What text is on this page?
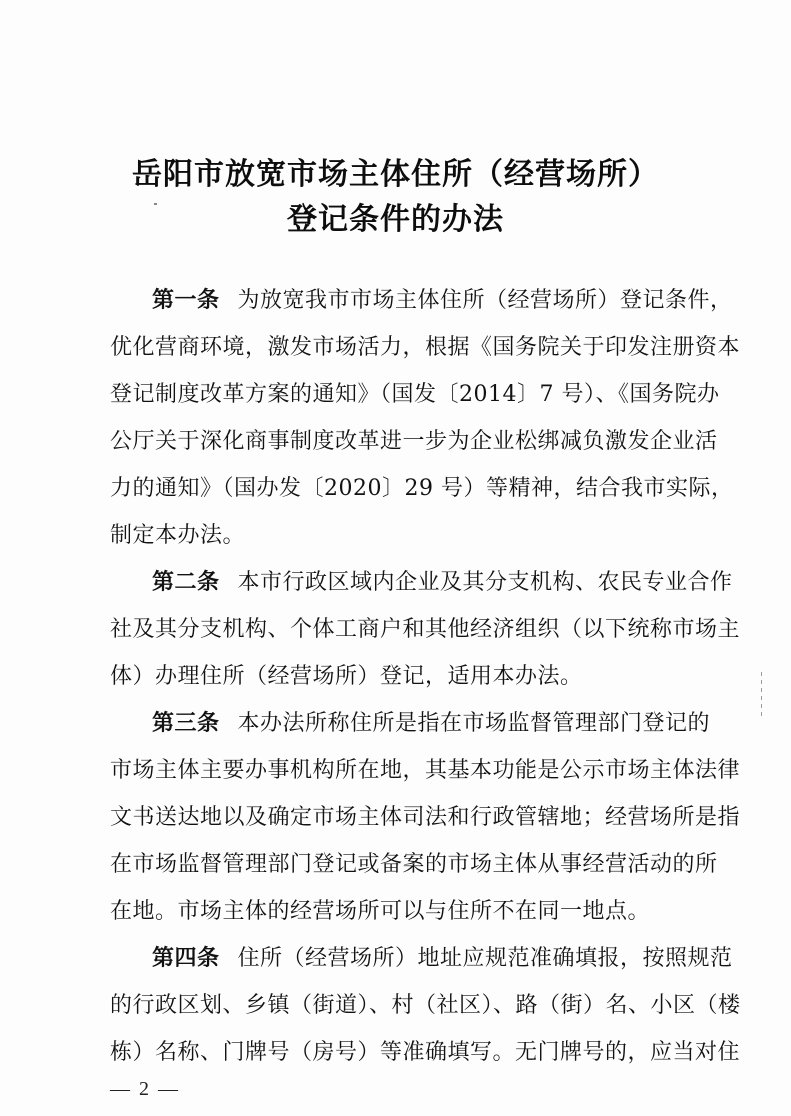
岳阳市放宽市场主体住所（经营场所）
登记条件的办法
第一条 为放宽我市市场主体住所（经营场所）登记条件，
优化营商环境，激发市场活力，根据《国务院关于印发注册资本
登记制度改革方案的通知》（国发〔2014〕7 号）、《国务院办
公厅关于深化商事制度改革进一步为企业松绑减负激发企业活
力的通知》（国办发〔2020〕29 号）等精神，结合我市实际，
制定本办法。
第二条 本市行政区域内企业及其分支机构、农民专业合作
社及其分支机构、个体工商户和其他经济组织（以下统称市场主
体）办理住所（经营场所）登记，适用本办法。
第三条 本办法所称住所是指在市场监督管理部门登记的
市场主体主要办事机构所在地，其基本功能是公示市场主体法律
文书送达地以及确定市场主体司法和行政管辖地；经营场所是指
在市场监督管理部门登记或备案的市场主体从事经营活动的所
在地。市场主体的经营场所可以与住所不在同一地点。
第四条 住所（经营场所）地址应规范准确填报，按照规范
的行政区划、乡镇（街道）、村（社区）、路（街）名、小区（楼
栋）名称、门牌号（房号）等准确填写。无门牌号的，应当对住
— 2 —
